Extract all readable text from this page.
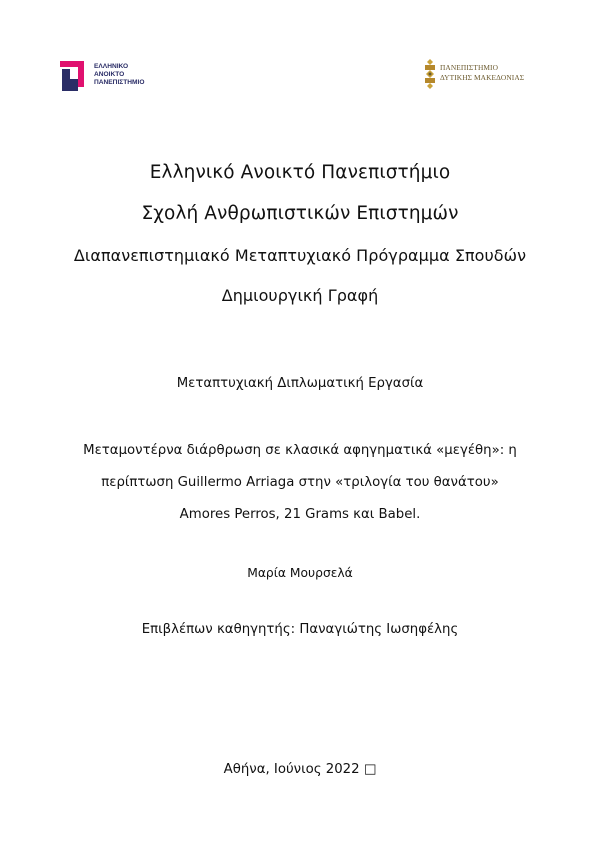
ΕΛΛΗΝΙΚΟ
ΑΝΟΙΚΤΟ
ΠΑΝΕΠΙΣΤΗΜΙΟ
ΠΑΝΕΠΙΣΤΗΜΙΟ
ΔΥΤΙΚΗΣ ΜΑΚΕΔΟΝΙΑΣ
Ελληνικό Ανοικτό Πανεπιστήμιο
Σχολή Ανθρωπιστικών Επιστημών
Διαπανεπιστημιακό Μεταπτυχιακό Πρόγραμμα Σπουδών
Δημιουργική Γραφή
Μεταπτυχιακή Διπλωματική Εργασία
Μεταμοντέρνα διάρθρωση σε κλασικά αφηγηματικά «μεγέθη»: η
περίπτωση Guillermo Arriaga στην «τριλογία του θανάτου»
Amores Perros, 21 Grams και Babel.
Μαρία Μουρσελά
Επιβλέπων καθηγητής: Παναγιώτης Ιωσηφέλης
Αθήνα, Ιούνιος 2022 □
